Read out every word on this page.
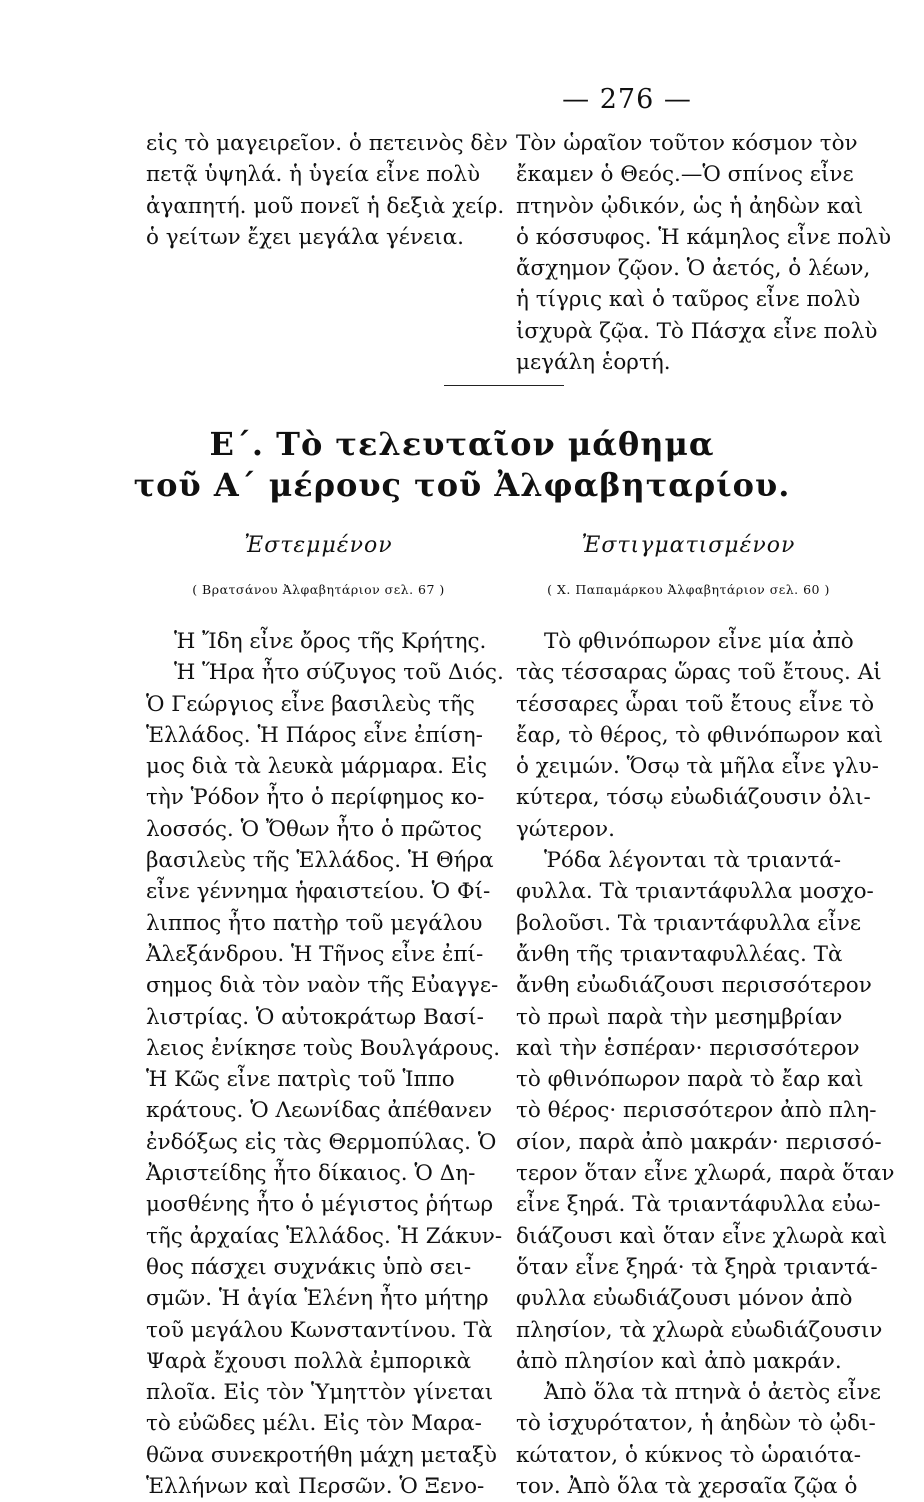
— 276 —
εἰς τὸ μαγειρεῖον. ὁ πετεινὸς δὲν
πετᾷ ὑψηλά. ἡ ὑγεία εἶνε πολὺ
ἀγαπητή. μοῦ πονεῖ ἡ δεξιὰ χείρ.
ὁ γείτων ἔχει μεγάλα γένεια.
Τὸν ὡραῖον τοῦτον κόσμον τὸν
ἔκαμεν ὁ Θεός.—Ὁ σπίνος εἶνε
πτηνὸν ᾠδικόν, ὡς ἡ ἀηδὼν καὶ
ὁ κόσσυφος. Ἡ κάμηλος εἶνε πολὺ
ἄσχημον ζῷον. Ὁ ἀετός, ὁ λέων,
ἡ τίγρις καὶ ὁ ταῦρος εἶνε πολὺ
ἰσχυρὰ ζῷα. Τὸ Πάσχα εἶνε πολὺ
μεγάλη ἑορτή.
Ε΄. Τὸ τελευταῖον μάθημα
τοῦ Α΄ μέρους τοῦ Ἀλφαβηταρίου.
Ἐστεμμένον	Ἐστιγματισμένον
( Βρατσάνου Ἀλφαβητάριον σελ. 67 )	( Χ. Παπαμάρκου Ἀλφαβητάριον σελ. 60 )
Ἡ Ἴδη εἶνε ὄρος τῆς Κρήτης.
Ἡ Ἥρα ἦτο σύζυγος τοῦ Διός.
Ὁ Γεώργιος εἶνε βασιλεὺς τῆς
Ἑλλάδος. Ἡ Πάρος εἶνε ἐπίση-
μος διὰ τὰ λευκὰ μάρμαρα. Εἰς
τὴν Ῥόδον ἦτο ὁ περίφημος κο-
λοσσός. Ὁ Ὄθων ἦτο ὁ πρῶτος
βασιλεὺς τῆς Ἑλλάδος. Ἡ Θήρα
εἶνε γέννημα ἡφαιστείου. Ὁ Φί-
λιππος ἦτο πατὴρ τοῦ μεγάλου
Ἀλεξάνδρου. Ἡ Τῆνος εἶνε ἐπί-
σημος διὰ τὸν ναὸν τῆς Εὐαγγε-
λιστρίας. Ὁ αὐτοκράτωρ Βασί-
λειος ἐνίκησε τοὺς Βουλγάρους.
Ἡ Κῶς εἶνε πατρὶς τοῦ Ἱππο
κράτους. Ὁ Λεωνίδας ἀπέθανεν
ἐνδόξως εἰς τὰς Θερμοπύλας. Ὁ
Ἀριστείδης ἦτο δίκαιος. Ὁ Δη-
μοσθένης ἦτο ὁ μέγιστος ῥήτωρ
τῆς ἀρχαίας Ἑλλάδος. Ἡ Ζάκυν-
θος πάσχει συχνάκις ὑπὸ σει-
σμῶν. Ἡ ἁγία Ἑλένη ἦτο μήτηρ
τοῦ μεγάλου Κωνσταντίνου. Τὰ
Ψαρὰ ἔχουσι πολλὰ ἐμπορικὰ
πλοῖα. Εἰς τὸν Ὑμηττὸν γίνεται
τὸ εὐῶδες μέλι. Εἰς τὸν Μαρα-
θῶνα συνεκροτήθη μάχη μεταξὺ
Ἑλλήνων καὶ Περσῶν. Ὁ Ξενο-
Τὸ φθινόπωρον εἶνε μία ἀπὸ
τὰς τέσσαρας ὥρας τοῦ ἔτους. Αἱ
τέσσαρες ὧραι τοῦ ἔτους εἶνε τὸ
ἔαρ, τὸ θέρος, τὸ φθινόπωρον καὶ
ὁ χειμών. Ὅσῳ τὰ μῆλα εἶνε γλυ-
κύτερα, τόσῳ εὐωδιάζουσιν ὀλι-
γώτερον.
Ῥόδα λέγονται τὰ τριαντά-
φυλλα. Τὰ τριαντάφυλλα μοσχο-
βολοῦσι. Τὰ τριαντάφυλλα εἶνε
ἄνθη τῆς τριανταφυλλέας. Τὰ
ἄνθη εὐωδιάζουσι περισσότερον
τὸ πρωὶ παρὰ τὴν μεσημβρίαν
καὶ τὴν ἑσπέραν· περισσότερον
τὸ φθινόπωρον παρὰ τὸ ἔαρ καὶ
τὸ θέρος· περισσότερον ἀπὸ πλη-
σίον, παρὰ ἀπὸ μακράν· περισσό-
τερον ὅταν εἶνε χλωρά, παρὰ ὅταν
εἶνε ξηρά. Τὰ τριαντάφυλλα εὐω-
διάζουσι καὶ ὅταν εἶνε χλωρὰ καὶ
ὅταν εἶνε ξηρά· τὰ ξηρὰ τριαντά-
φυλλα εὐωδιάζουσι μόνον ἀπὸ
πλησίον, τὰ χλωρὰ εὐωδιάζουσιν
ἀπὸ πλησίον καὶ ἀπὸ μακράν.
Ἀπὸ ὅλα τὰ πτηνὰ ὁ ἀετὸς εἶνε
τὸ ἰσχυρότατον, ἡ ἀηδὼν τὸ ᾠδι-
κώτατον, ὁ κύκνος τὸ ὡραιότα-
τον. Ἀπὸ ὅλα τὰ χερσαῖα ζῷα ὁ
